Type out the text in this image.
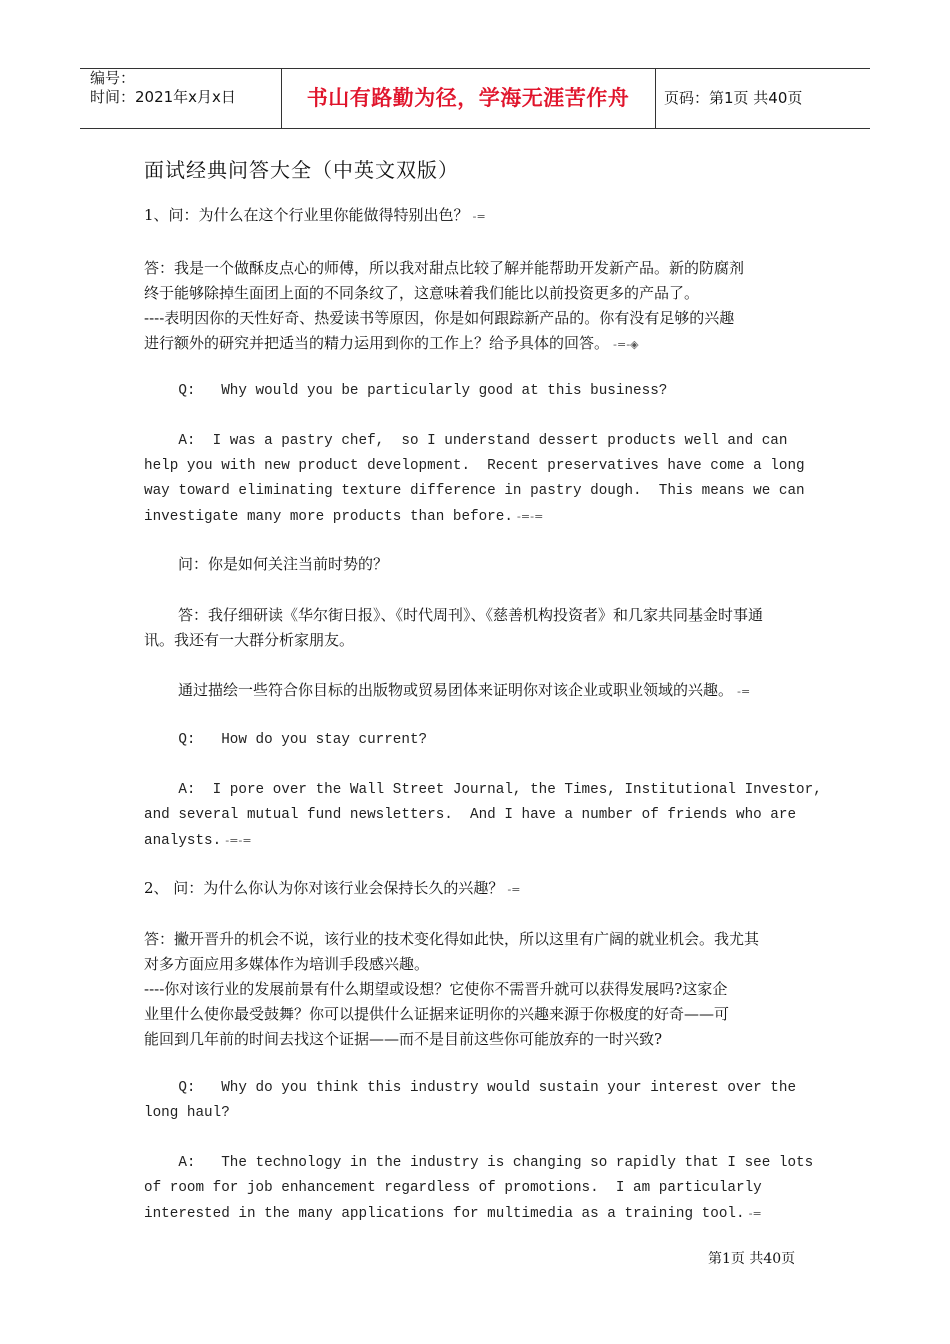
编号：
时间：2021年x月x日	书山有路勤为径，学海无涯苦作舟	页码：第1页 共40页
面试经典问答大全（中英文双版）
1、问：为什么在这个行业里你能做得特别出色？ -=
答：我是一个做酥皮点心的师傅，所以我对甜点比较了解并能帮助开发新产品。新的防腐剂
终于能够除掉生面团上面的不同条纹了，这意味着我们能比以前投资更多的产品了。
----表明因你的天性好奇、热爱读书等原因，你是如何跟踪新产品的。你有没有足够的兴趣
进行额外的研究并把适当的精力运用到你的工作上？给予具体的回答。 -=-◈
Q:   Why would you be particularly good at this business?
A:  I was a pastry chef,  so I understand dessert products well and can
help you with new product development.  Recent preservatives have come a long
way toward eliminating texture difference in pastry dough.  This means we can
investigate many more products than before. -=-=
问：你是如何关注当前时势的？
答：我仔细研读《华尔街日报》、《时代周刊》、《慈善机构投资者》和几家共同基金时事通
讯。我还有一大群分析家朋友。
通过描绘一些符合你目标的出版物或贸易团体来证明你对该企业或职业领域的兴趣。 -=
Q:   How do you stay current?
A:  I pore over the Wall Street Journal, the Times, Institutional Investor,
and several mutual fund newsletters.  And I have a number of friends who are
analysts. -=-=
2、 问：为什么你认为你对该行业会保持长久的兴趣？ -=
答：撇开晋升的机会不说，该行业的技术变化得如此快，所以这里有广阔的就业机会。我尤其
对多方面应用多媒体作为培训手段感兴趣。
----你对该行业的发展前景有什么期望或设想？它使你不需晋升就可以获得发展吗?这家企
业里什么使你最受鼓舞？你可以提供什么证据来证明你的兴趣来源于你极度的好奇——可
能回到几年前的时间去找这个证据——而不是目前这些你可能放弃的一时兴致?
Q:   Why do you think this industry would sustain your interest over the
long haul?
A:   The technology in the industry is changing so rapidly that I see lots
of room for job enhancement regardless of promotions.  I am particularly
interested in the many applications for multimedia as a training tool. -=
第1页 共40页
